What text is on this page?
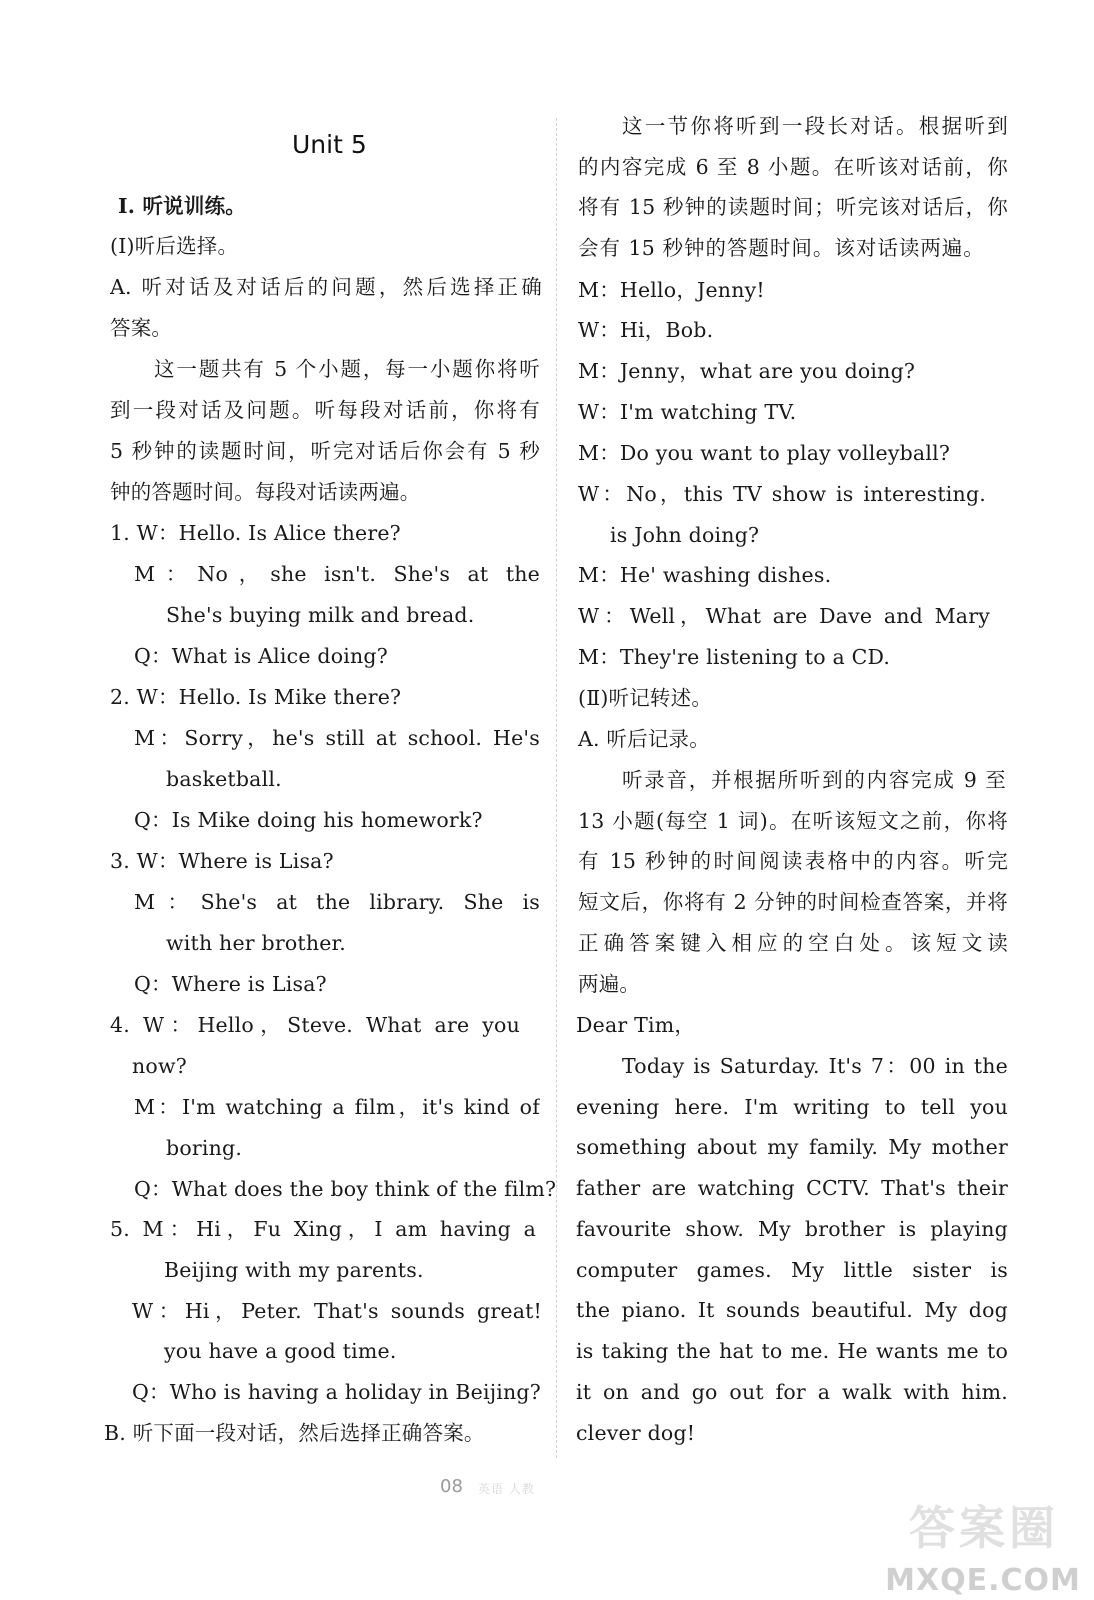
Unit 5
Ⅰ. 听说训练。
(Ⅰ)听后选择。
A. 听对话及对话后的问题，然后选择正确
答案。
这一题共有 5 个小题，每一小题你将听
到一段对话及问题。听每段对话前，你将有
5 秒钟的读题时间，听完对话后你会有 5 秒
钟的答题时间。每段对话读两遍。
1. W：Hello. Is Alice there?
M：No，she isn't. She's at the
She's buying milk and bread.
Q：What is Alice doing?
2. W：Hello. Is Mike there?
M：Sorry，he's still at school. He's
basketball.
Q：Is Mike doing his homework?
3. W：Where is Lisa?
M：She's at the library. She is
with her brother.
Q：Where is Lisa?
4. W：Hello，Steve. What are you
now?
M：I'm watching a film，it's kind of
boring.
Q：What does the boy think of the film?
5. M：Hi，Fu Xing，I am having a
Beijing with my parents.
W：Hi，Peter. That's sounds great!
you have a good time.
Q：Who is having a holiday in Beijing?
B. 听下面一段对话，然后选择正确答案。
这一节你将听到一段长对话。根据听到
的内容完成 6 至 8 小题。在听该对话前，你
将有 15 秒钟的读题时间；听完该对话后，你
会有 15 秒钟的答题时间。该对话读两遍。
M：Hello，Jenny!
W：Hi，Bob.
M：Jenny，what are you doing?
W：I'm watching TV.
M：Do you want to play volleyball?
W：No，this TV show is interesting.
is John doing?
M：He' washing dishes.
W：Well，What are Dave and Mary
M：They're listening to a CD.
(Ⅱ)听记转述。
A. 听后记录。
听录音，并根据所听到的内容完成 9 至
13 小题(每空 1 词)。在听该短文之前，你将
有 15 秒钟的时间阅读表格中的内容。听完
短文后，你将有 2 分钟的时间检查答案，并将
正确答案键入相应的空白处。该短文读
两遍。
Dear Tim，
Today is Saturday. It's 7：00 in the
evening here. I'm writing to tell you
something about my family. My mother
father are watching CCTV. That's their
favourite show. My brother is playing
computer games. My little sister is
the piano. It sounds beautiful. My dog
is taking the hat to me. He wants me to
it on and go out for a walk with him.
clever dog!
08 英语 人教
答案圈
MXQE.COM
